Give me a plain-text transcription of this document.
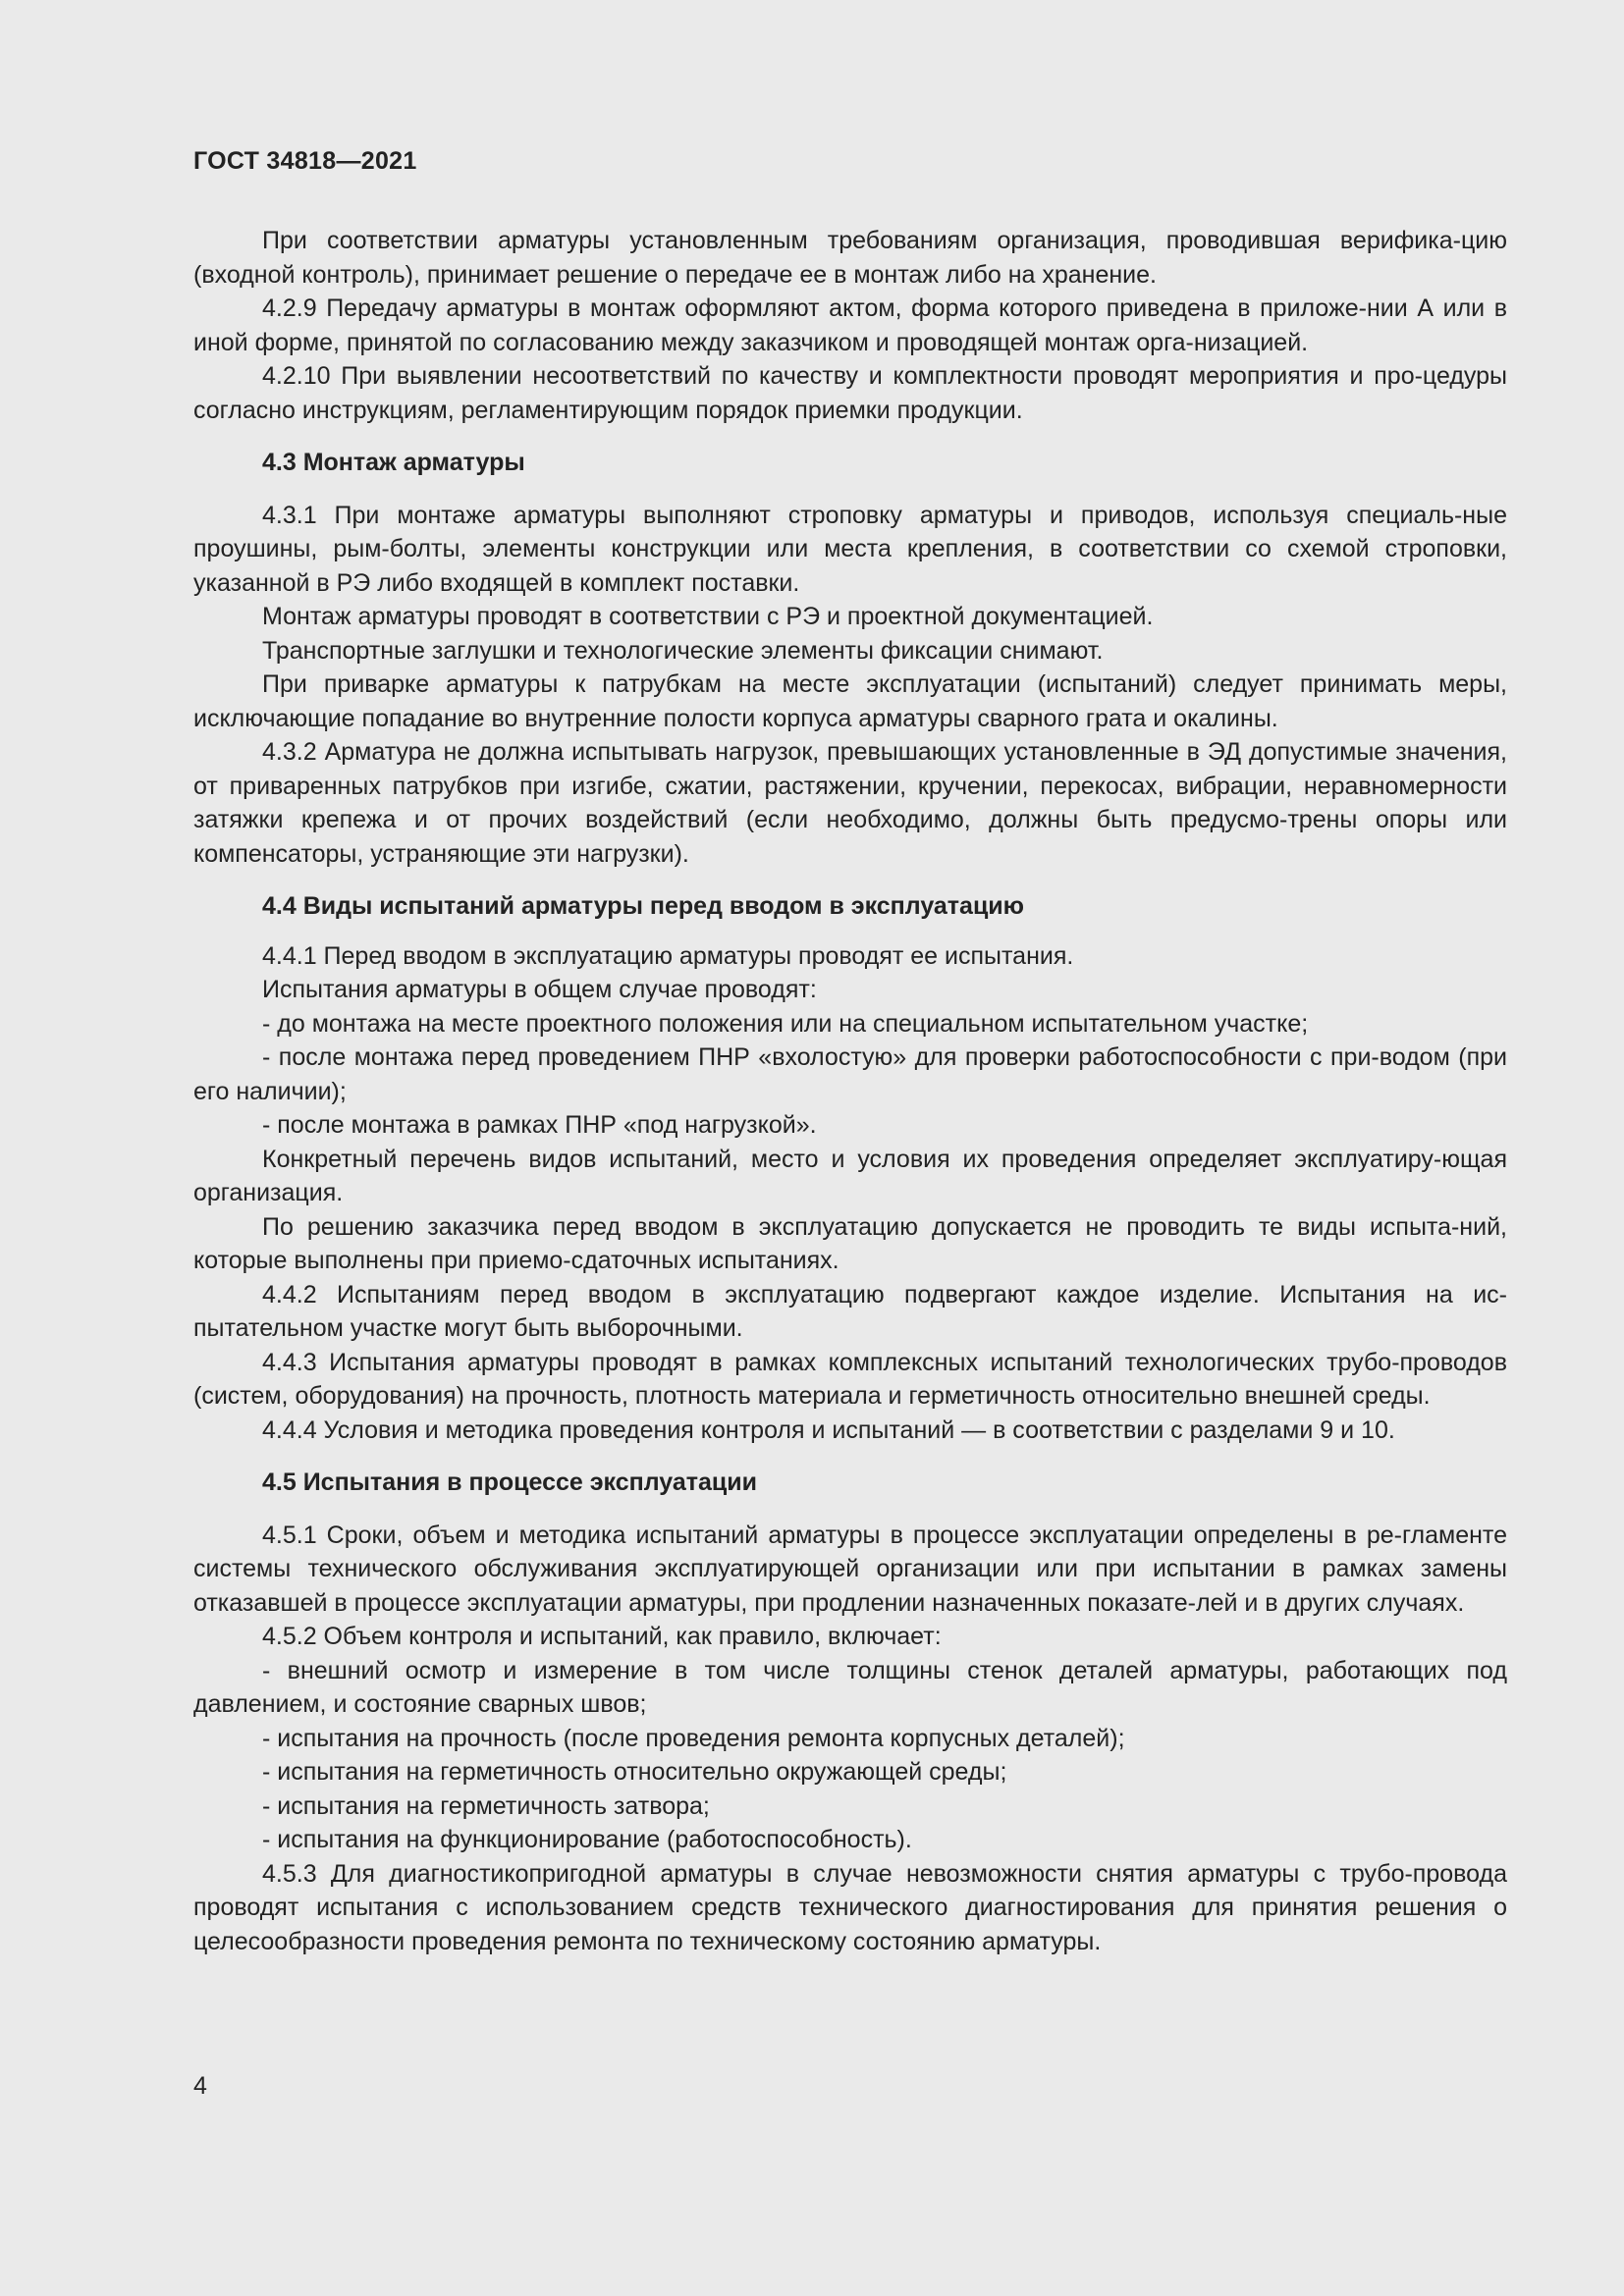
ГОСТ 34818—2021

При соответствии арматуры установленным требованиям организация, проводившая верифика-цию (входной контроль), принимает решение о передаче ее в монтаж либо на хранение.

4.2.9 Передачу арматуры в монтаж оформляют актом, форма которого приведена в приложе-нии А или в иной форме, принятой по согласованию между заказчиком и проводящей монтаж орга-низацией.

4.2.10 При выявлении несоответствий по качеству и комплектности проводят мероприятия и про-цедуры согласно инструкциям, регламентирующим порядок приемки продукции.

4.3 Монтаж арматуры

4.3.1 При монтаже арматуры выполняют строповку арматуры и приводов, используя специаль-ные проушины, рым-болты, элементы конструкции или места крепления, в соответствии со схемой строповки, указанной в РЭ либо входящей в комплект поставки.

Монтаж арматуры проводят в соответствии с РЭ и проектной документацией.

Транспортные заглушки и технологические элементы фиксации снимают.

При приварке арматуры к патрубкам на месте эксплуатации (испытаний) следует принимать меры, исключающие попадание во внутренние полости корпуса арматуры сварного грата и окалины.

4.3.2 Арматура не должна испытывать нагрузок, превышающих установленные в ЭД допустимые значения, от приваренных патрубков при изгибе, сжатии, растяжении, кручении, перекосах, вибрации, неравномерности затяжки крепежа и от прочих воздействий (если необходимо, должны быть предусмо-трены опоры или компенсаторы, устраняющие эти нагрузки).

4.4 Виды испытаний арматуры перед вводом в эксплуатацию

4.4.1 Перед вводом в эксплуатацию арматуры проводят ее испытания.

Испытания арматуры в общем случае проводят:

- до монтажа на месте проектного положения или на специальном испытательном участке;

- после монтажа перед проведением ПНР «вхолостую» для проверки работоспособности с при-водом (при его наличии);

- после монтажа в рамках ПНР «под нагрузкой».

Конкретный перечень видов испытаний, место и условия их проведения определяет эксплуатиру-ющая организация.

По решению заказчика перед вводом в эксплуатацию допускается не проводить те виды испыта-ний, которые выполнены при приемо-сдаточных испытаниях.

4.4.2 Испытаниям перед вводом в эксплуатацию подвергают каждое изделие. Испытания на ис-пытательном участке могут быть выборочными.

4.4.3 Испытания арматуры проводят в рамках комплексных испытаний технологических трубо-проводов (систем, оборудования) на прочность, плотность материала и герметичность относительно внешней среды.

4.4.4 Условия и методика проведения контроля и испытаний — в соответствии с разделами 9 и 10.

4.5 Испытания в процессе эксплуатации

4.5.1 Сроки, объем и методика испытаний арматуры в процессе эксплуатации определены в ре-гламенте системы технического обслуживания эксплуатирующей организации или при испытании в рамках замены отказавшей в процессе эксплуатации арматуры, при продлении назначенных показате-лей и в других случаях.

4.5.2 Объем контроля и испытаний, как правило, включает:

- внешний осмотр и измерение в том числе толщины стенок деталей арматуры, работающих под давлением, и состояние сварных швов;

- испытания на прочность (после проведения ремонта корпусных деталей);

- испытания на герметичность относительно окружающей среды;

- испытания на герметичность затвора;

- испытания на функционирование (работоспособность).

4.5.3 Для диагностикопригодной арматуры в случае невозможности снятия арматуры с трубо-провода проводят испытания с использованием средств технического диагностирования для принятия решения о целесообразности проведения ремонта по техническому состоянию арматуры.

4
